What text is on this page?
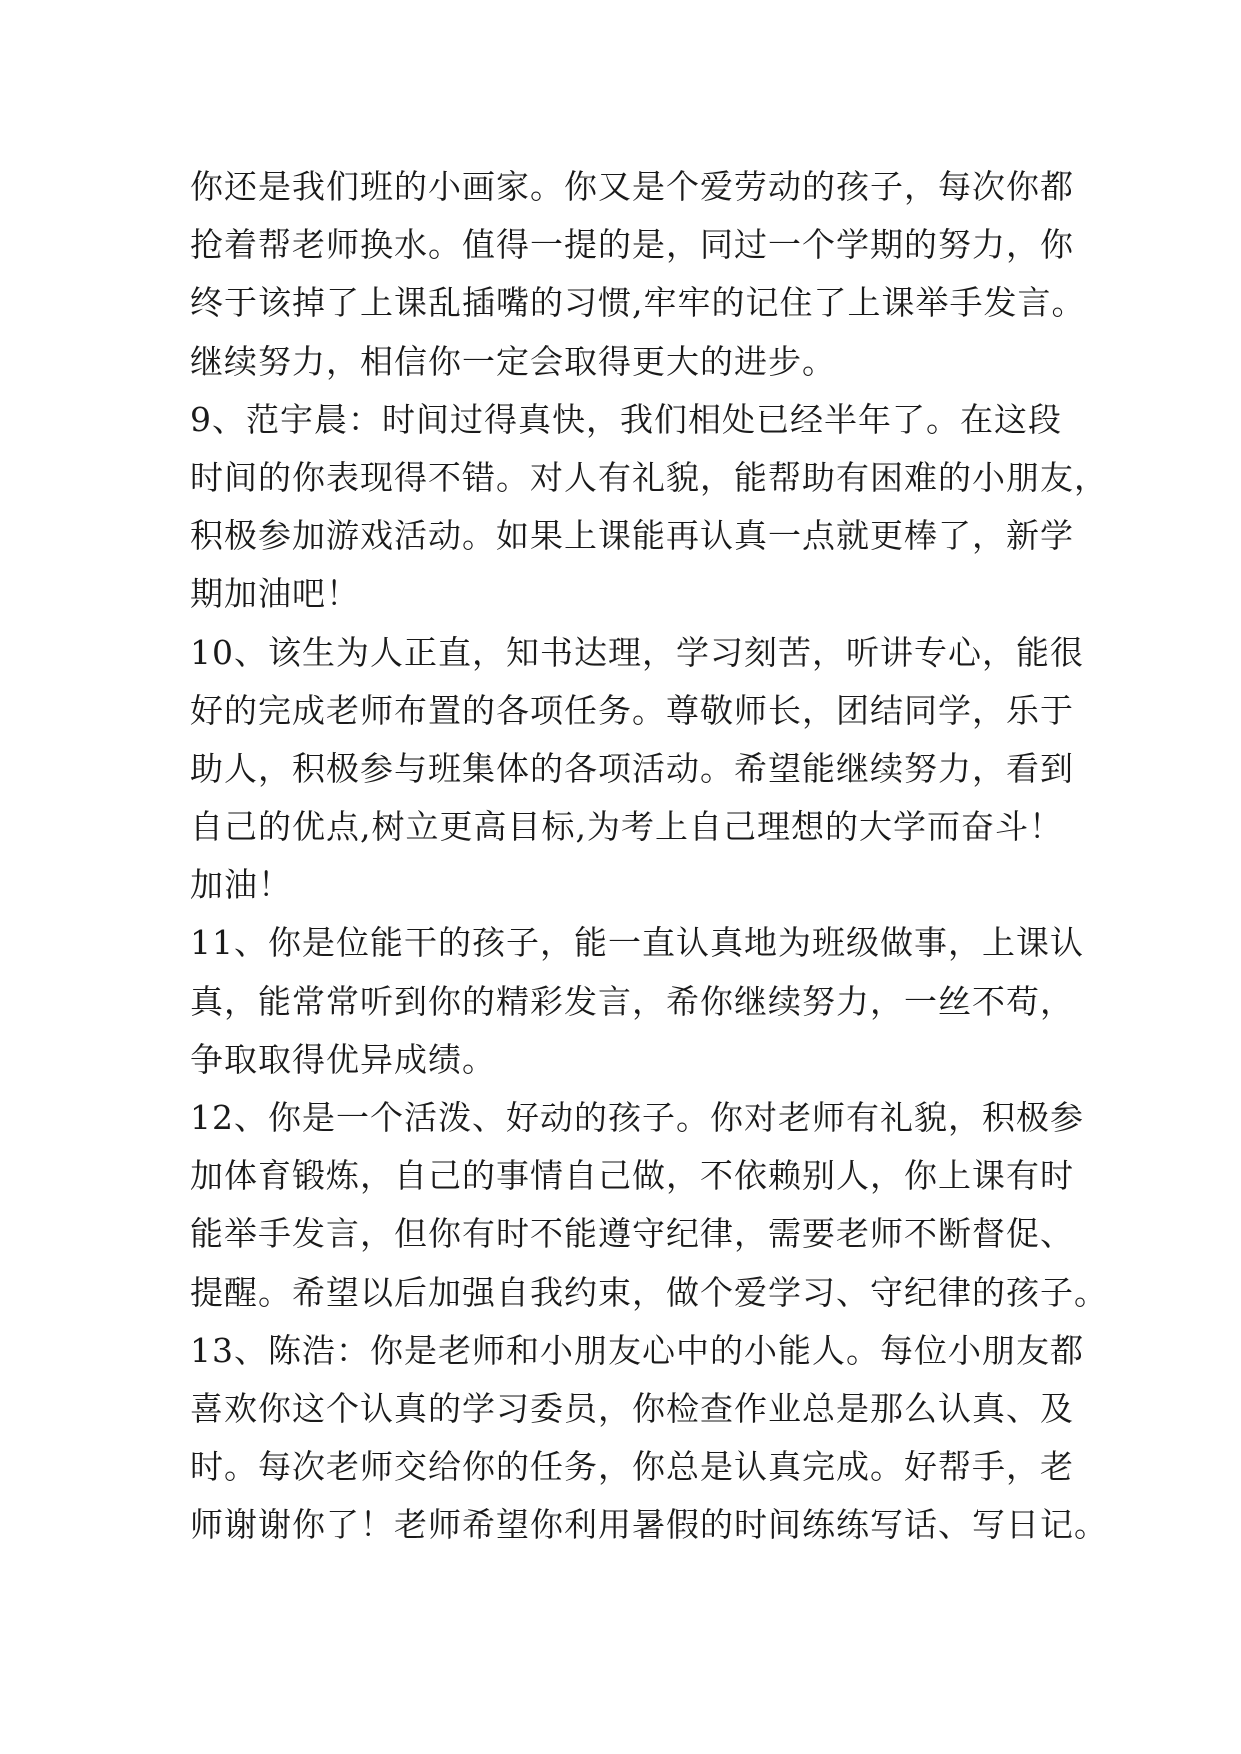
你还是我们班的小画家。你又是个爱劳动的孩子，每次你都
抢着帮老师换水。值得一提的是，同过一个学期的努力，你
终于该掉了上课乱插嘴的习惯,牢牢的记住了上课举手发言。
继续努力，相信你一定会取得更大的进步。
9、范宇晨：时间过得真快，我们相处已经半年了。在这段
时间的你表现得不错。对人有礼貌，能帮助有困难的小朋友，
积极参加游戏活动。如果上课能再认真一点就更棒了，新学
期加油吧！
10、该生为人正直，知书达理，学习刻苦，听讲专心，能很
好的完成老师布置的各项任务。尊敬师长，团结同学，乐于
助人，积极参与班集体的各项活动。希望能继续努力，看到
自己的优点,树立更高目标,为考上自己理想的大学而奋斗！
加油！
11、你是位能干的孩子，能一直认真地为班级做事，上课认
真，能常常听到你的精彩发言，希你继续努力，一丝不苟，
争取取得优异成绩。
12、你是一个活泼、好动的孩子。你对老师有礼貌，积极参
加体育锻炼，自己的事情自己做，不依赖别人，你上课有时
能举手发言，但你有时不能遵守纪律，需要老师不断督促、
提醒。希望以后加强自我约束，做个爱学习、守纪律的孩子。
13、陈浩：你是老师和小朋友心中的小能人。每位小朋友都
喜欢你这个认真的学习委员，你检查作业总是那么认真、及
时。每次老师交给你的任务，你总是认真完成。好帮手，老
师谢谢你了！老师希望你利用暑假的时间练练写话、写日记。
